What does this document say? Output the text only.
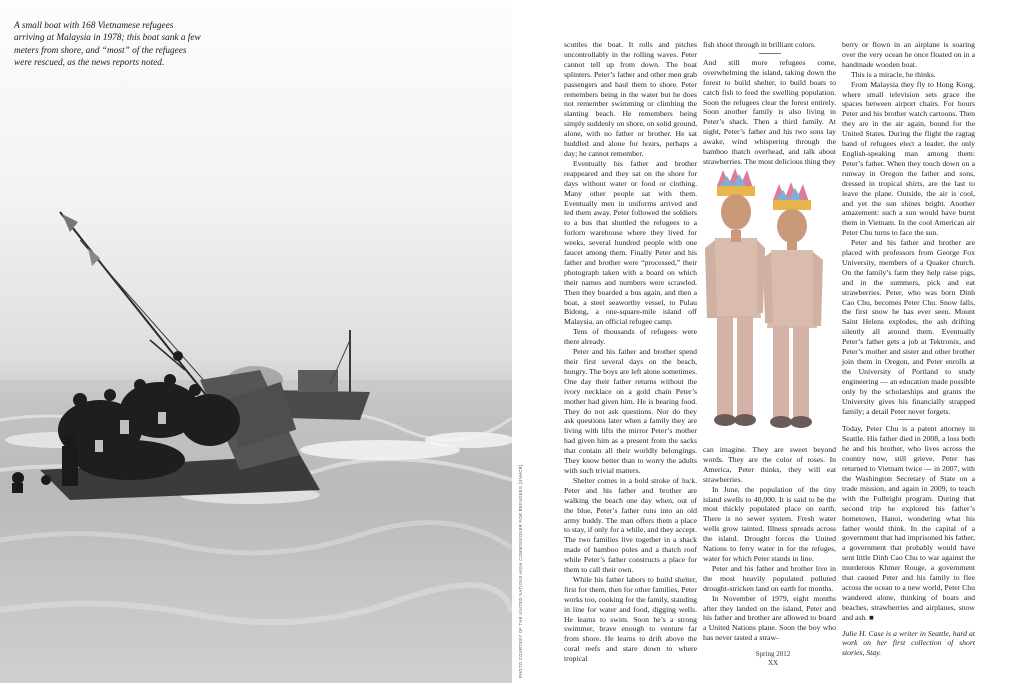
A small boat with 168 Vietnamese refugees arriving at Malaysia in 1978; this boat sank a few meters from shore, and “most” of the refugees were rescued, as the news reports noted.

PHOTO COURTESY OF THE UNITED NATIONS HIGH COMMISSIONER FOR REFUGEES (UNHCR)

scuttles the boat. It rolls and pitches uncontrollably in the rolling waves. Peter cannot tell up from down. The boat splinters. Peter’s father and other men grab passengers and haul them to shore. Peter remembers being in the water but he does not remember swimming or climbing the slanting beach. He remembers being simply suddenly on shore, on solid ground, alone, with no father or brother. He sat huddled and alone for hours, perhaps a day; he cannot remember.

Eventually his father and brother reappeared and they sat on the shore for days without water or food or clothing. Many other people sat with them. Eventually men in uniforms arrived and led them away. Peter followed the soldiers to a bus that shuttled the refugees to a forlorn warehouse where they lived for weeks, several hundred people with one faucet among them. Finally Peter and his father and brother were “processed,” their photograph taken with a board on which their names and numbers were scrawled. Then they boarded a bus again, and then a boat, a steel seaworthy vessel, to Pulau Bidong, a one-square-mile island off Malaysia, an official refugee camp.

Tens of thousands of refugees were there already.

Peter and his father and brother spend their first several days on the beach, hungry. The boys are left alone sometimes. One day their father returns without the ivory necklace on a gold chain Peter’s mother had given him. He is bearing food. They do not ask questions. Nor do they ask questions later when a family they are living with lifts the mirror Peter’s mother had given him as a present from the sacks that contain all their worldly belongings. They know better than to worry the adults with such trivial matters.

Shelter comes in a bold stroke of luck. Peter and his father and brother are walking the beach one day when, out of the blue, Peter’s father runs into an old army buddy. The man offers them a place to stay, if only for a while, and they accept. The two families live together in a shack made of bamboo poles and a thatch roof while Peter’s father constructs a place for them to call their own.

While his father labors to build shelter, first for them, then for other families, Peter works too, cooking for the family, standing in line for water and food, digging wells. He learns to swim. Soon he’s a strong swimmer, brave enough to venture far from shore. He learns to drift above the coral reefs and stare down to where tropical

fish shoot through in brilliant colors.

And still more refugees come, overwhelming the island, taking down the forest to build shelter, to build boats to catch fish to feed the swelling population. Soon the refugees clear the forest entirely. Soon another family is also living in Peter’s shack. Then a third family. At night, Peter’s father and his two sons lay awake, wind whispering through the bamboo thatch overhead, and talk about strawberries. The most delicious thing they

can imagine. They are sweet beyond words. They are the color of roses. In America, Peter thinks, they will eat strawberries.

In June, the population of the tiny island swells to 40,000. It is said to be the most thickly populated place on earth. There is no sewer system. Fresh water wells grow tainted. Illness spreads across the island. Drought forces the United Nations to ferry water in for the refuges, water for which Peter stands in line.

Peter and his father and brother live in the most heavily populated polluted drought-stricken land on earth for months.

In November of 1979, eight months after they landed on the island, Peter and his father and brother are allowed to board a United Nations plane. Soon the boy who has never tasted a straw-

berry or flown in an airplane is soaring over the very ocean he once floated on in a handmade wooden boat.

This is a miracle, he thinks.

From Malaysia they fly to Hong Kong, where small television sets grace the spaces between airport chairs. For hours Peter and his brother watch cartoons. Then they are in the air again, bound for the United States. During the flight the ragtag band of refugees elect a leader, the only English-speaking man among them: Peter’s father. When they touch down on a runway in Oregon the father and sons, dressed in tropical shirts, are the last to leave the plane. Outside, the air is cool, and yet the sun shines bright. Another amazement: such a sun would have burnt them in Vietnam. In the cool American air Peter Chu turns to face the sun.

Peter and his father and brother are placed with professors from George Fox University, members of a Quaker church. On the family’s farm they help raise pigs, and in the summers, pick and eat strawberries. Peter, who was born Dinh Cao Chu, becomes Peter Chu. Snow falls, the first snow he has ever seen. Mount Saint Helens explodes, the ash drifting silently all around them. Eventually Peter’s father gets a job at Tektronix, and Peter’s mother and sister and other brother join them in Oregon, and Peter enrolls at the University of Portland to study engineering — an education made possible only by the scholarships and grants the University gives his financially strapped family; a detail Peter never forgets.

Today, Peter Chu is a patent attorney in Seattle. His father died in 2008, a loss both he and his brother, who lives across the country now, still grieve. Peter has returned to Vietnam twice — in 2007, with the Washington Secretary of State on a trade mission, and again in 2009, to teach with the Fulbright program. During that second trip he explored his father’s hometown, Hanoi, wondering what his father would think. In the capital of a government that had imprisoned his father, a government that probably would have sent little Dinh Cao Chu to war against the murderous Khmer Rouge, a government that caused Peter and his family to flee across the ocean to a new world, Peter Chu wandered alone, thinking of boats and beaches, strawberries and airplanes, snow and ash. ■

Julie H. Case is a writer in Seattle, hard at work on her first collection of short stories, Stay.

Spring 2012
XX
